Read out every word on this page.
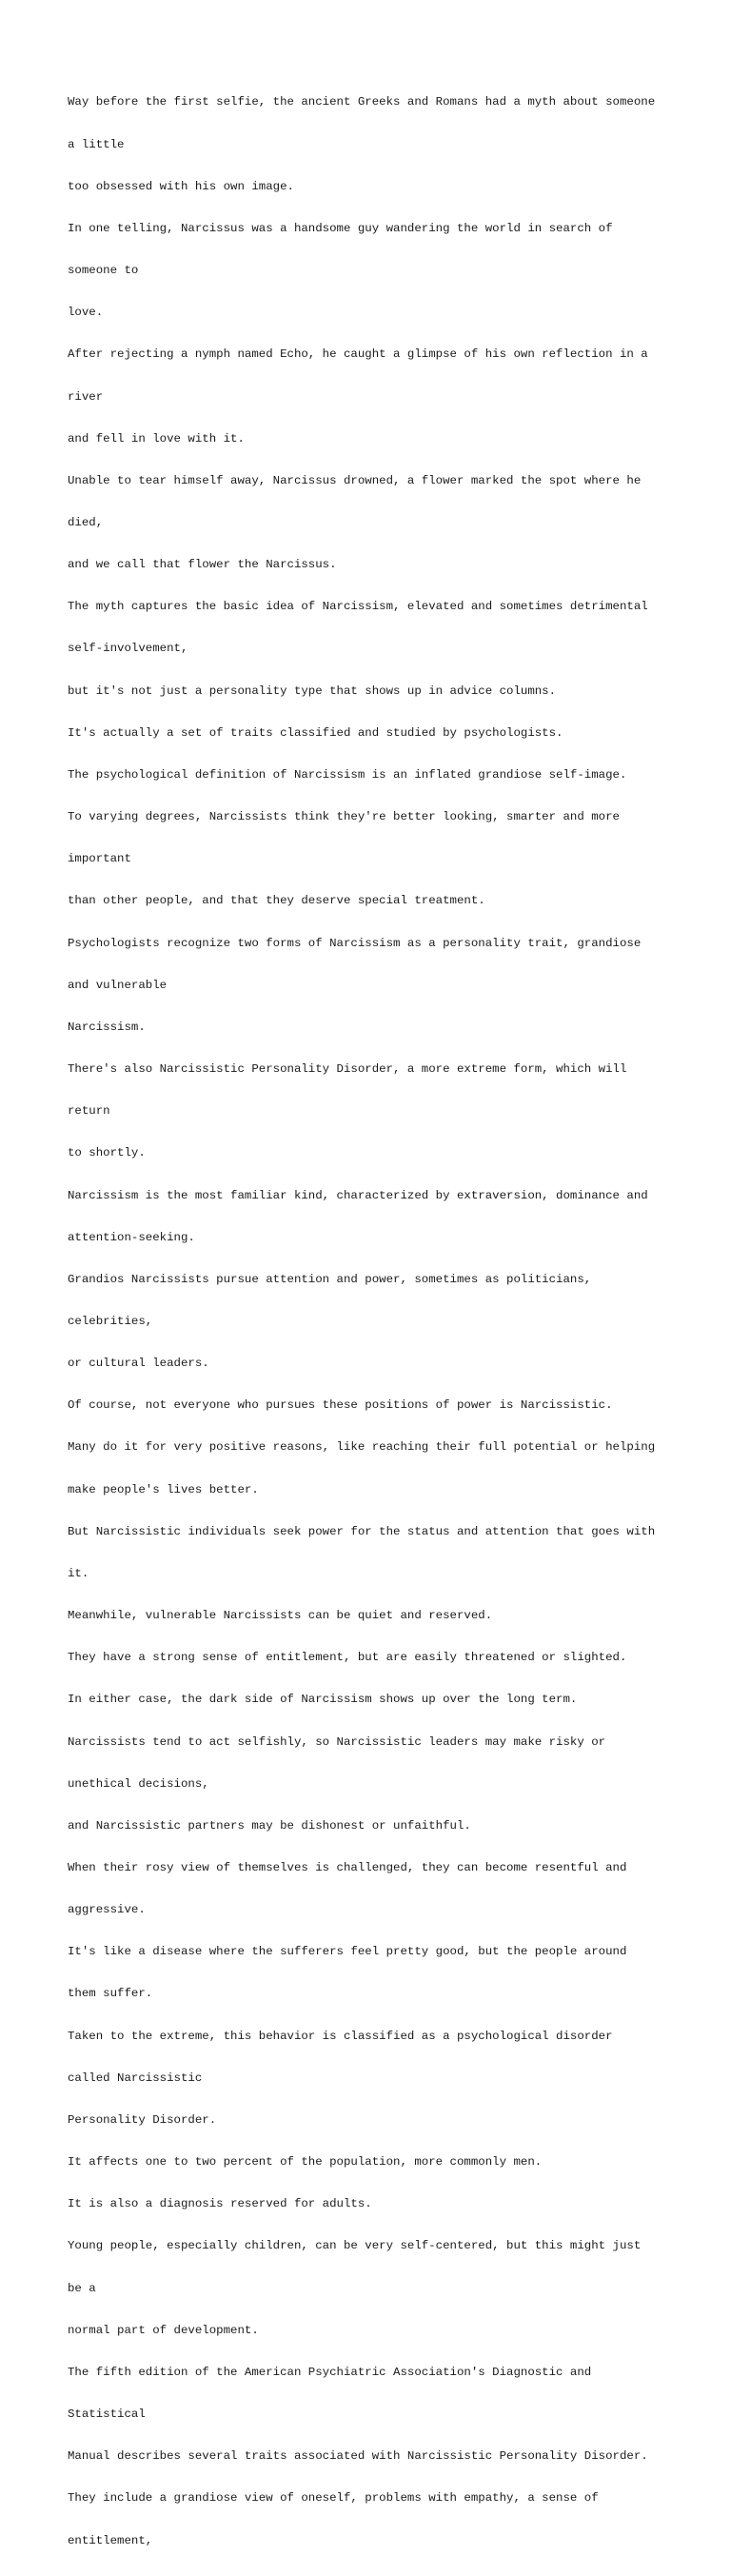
Way before the first selfie, the ancient Greeks and Romans had a myth about someone

a little

too obsessed with his own image.

In one telling, Narcissus was a handsome guy wandering the world in search of

someone to

love.

After rejecting a nymph named Echo, he caught a glimpse of his own reflection in a

river

and fell in love with it.

Unable to tear himself away, Narcissus drowned, a flower marked the spot where he

died,

and we call that flower the Narcissus.

The myth captures the basic idea of Narcissism, elevated and sometimes detrimental

self-involvement,

but it's not just a personality type that shows up in advice columns.

It's actually a set of traits classified and studied by psychologists.

The psychological definition of Narcissism is an inflated grandiose self-image.

To varying degrees, Narcissists think they're better looking, smarter and more

important

than other people, and that they deserve special treatment.

Psychologists recognize two forms of Narcissism as a personality trait, grandiose

and vulnerable

Narcissism.

There's also Narcissistic Personality Disorder, a more extreme form, which will

return

to shortly.

Narcissism is the most familiar kind, characterized by extraversion, dominance and

attention-seeking.

Grandios Narcissists pursue attention and power, sometimes as politicians,

celebrities,

or cultural leaders.

Of course, not everyone who pursues these positions of power is Narcissistic.

Many do it for very positive reasons, like reaching their full potential or helping

make people's lives better.

But Narcissistic individuals seek power for the status and attention that goes with

it.

Meanwhile, vulnerable Narcissists can be quiet and reserved.

They have a strong sense of entitlement, but are easily threatened or slighted.

In either case, the dark side of Narcissism shows up over the long term.

Narcissists tend to act selfishly, so Narcissistic leaders may make risky or

unethical decisions,

and Narcissistic partners may be dishonest or unfaithful.

When their rosy view of themselves is challenged, they can become resentful and

aggressive.

It's like a disease where the sufferers feel pretty good, but the people around

them suffer.

Taken to the extreme, this behavior is classified as a psychological disorder

called Narcissistic

Personality Disorder.

It affects one to two percent of the population, more commonly men.

It is also a diagnosis reserved for adults.

Young people, especially children, can be very self-centered, but this might just

be a

normal part of development.

The fifth edition of the American Psychiatric Association's Diagnostic and

Statistical

Manual describes several traits associated with Narcissistic Personality Disorder.

They include a grandiose view of oneself, problems with empathy, a sense of

entitlement,
